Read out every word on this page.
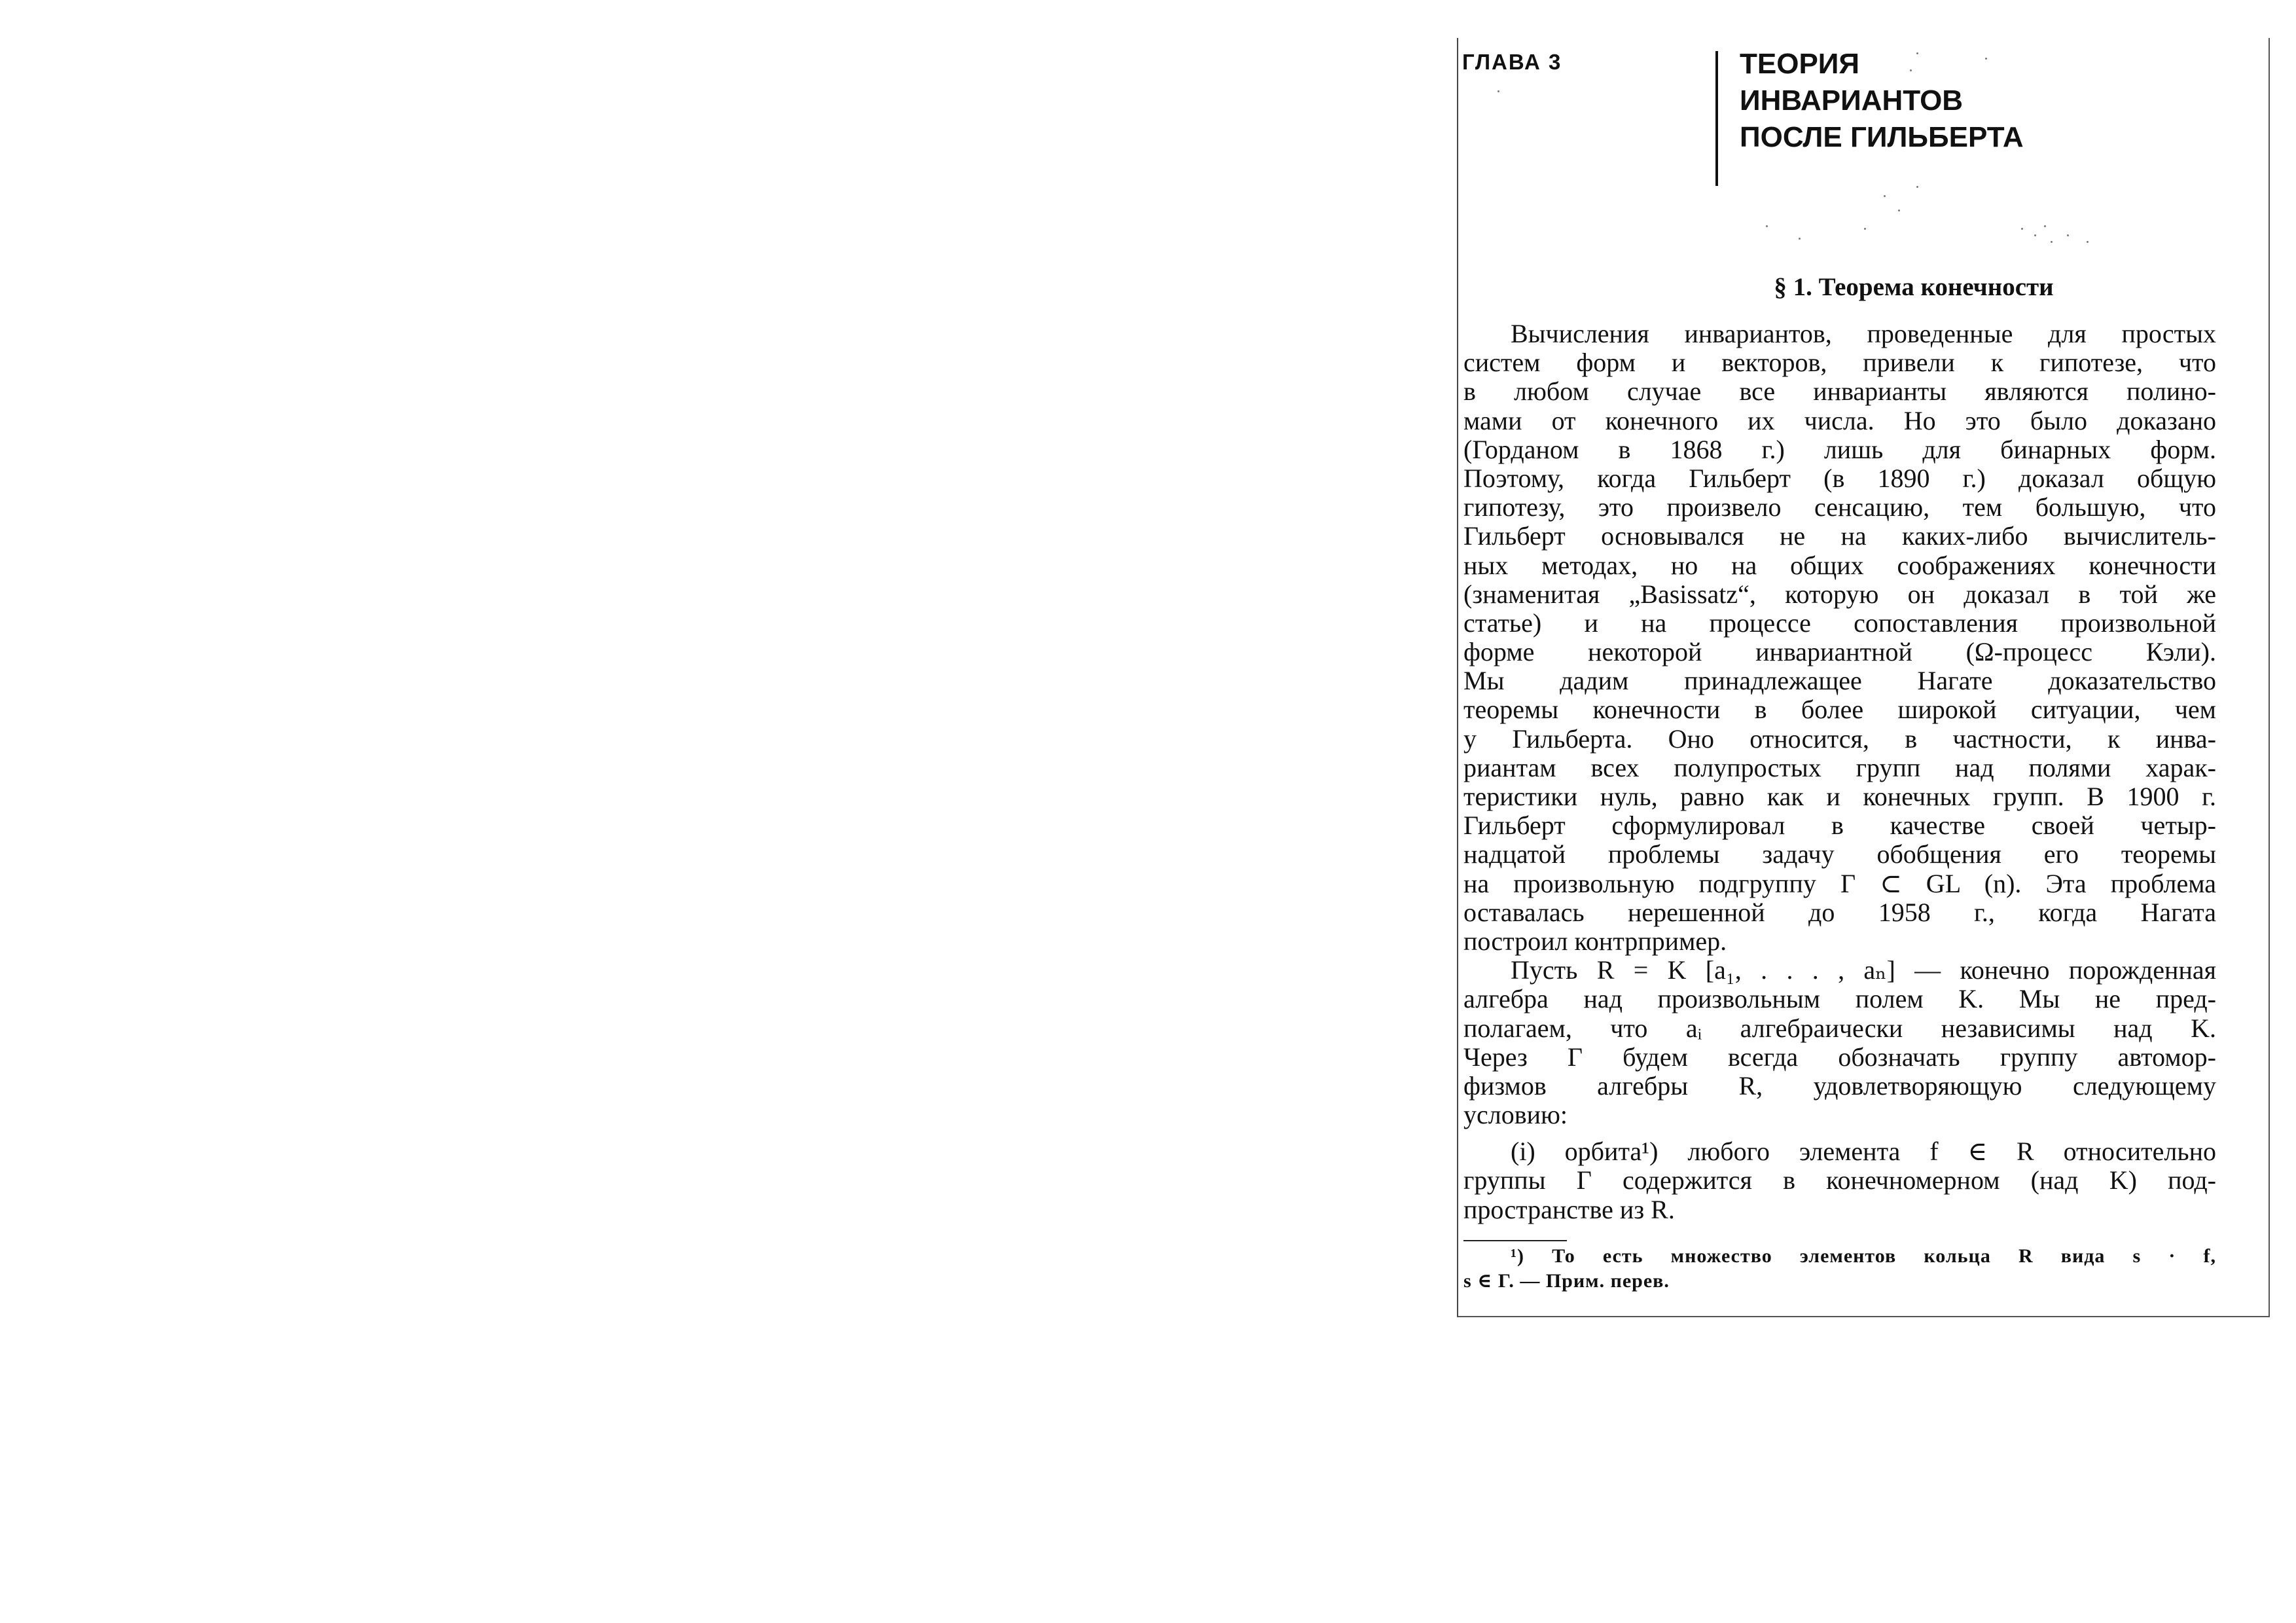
ГЛАВА 3	ТЕОРИЯ
ИНВАРИАНТОВ
ПОСЛЕ ГИЛЬБЕРТА
§ 1. Теорема конечности
Вычисления инвариантов, проведенные для простых
систем форм и векторов, привели к гипотезе, что
в любом случае все инварианты являются полино-
мами от конечного их числа. Но это было доказано
(Горданом в 1868 г.) лишь для бинарных форм.
Поэтому, когда Гильберт (в 1890 г.) доказал общую
гипотезу, это произвело сенсацию, тем большую, что
Гильберт основывался не на каких-либо вычислитель-
ных методах, но на общих соображениях конечности
(знаменитая „Basissatz“, которую он доказал в той же
статье) и на процессе сопоставления произвольной
форме некоторой инвариантной (Ω-процесс Кэли).
Мы дадим принадлежащее Нагате доказательство
теоремы конечности в более широкой ситуации, чем
у Гильберта. Оно относится, в частности, к инва-
риантам всех полупростых групп над полями харак-
теристики нуль, равно как и конечных групп. В 1900 г.
Гильберт сформулировал в качестве своей четыр-
надцатой проблемы задачу обобщения его теоремы
на произвольную подгруппу Γ ⊂ GL (n). Эта проблема
оставалась нерешенной до 1958 г., когда Нагата
построил контрпример.
Пусть R = K [a₁, . . . , aₙ] — конечно порожденная
алгебра над произвольным полем K. Мы не пред-
полагаем, что aᵢ алгебраически независимы над K.
Через Γ будем всегда обозначать группу автомор-
физмов алгебры R, удовлетворяющую следующему
условию:
(i) орбита¹) любого элемента f ∈ R относительно
группы Γ содержится в конечномерном (над K) под-
пространстве из R.
¹) То есть множество элементов кольца R вида s · f,
s ∈ Γ. — Прим. перев.
